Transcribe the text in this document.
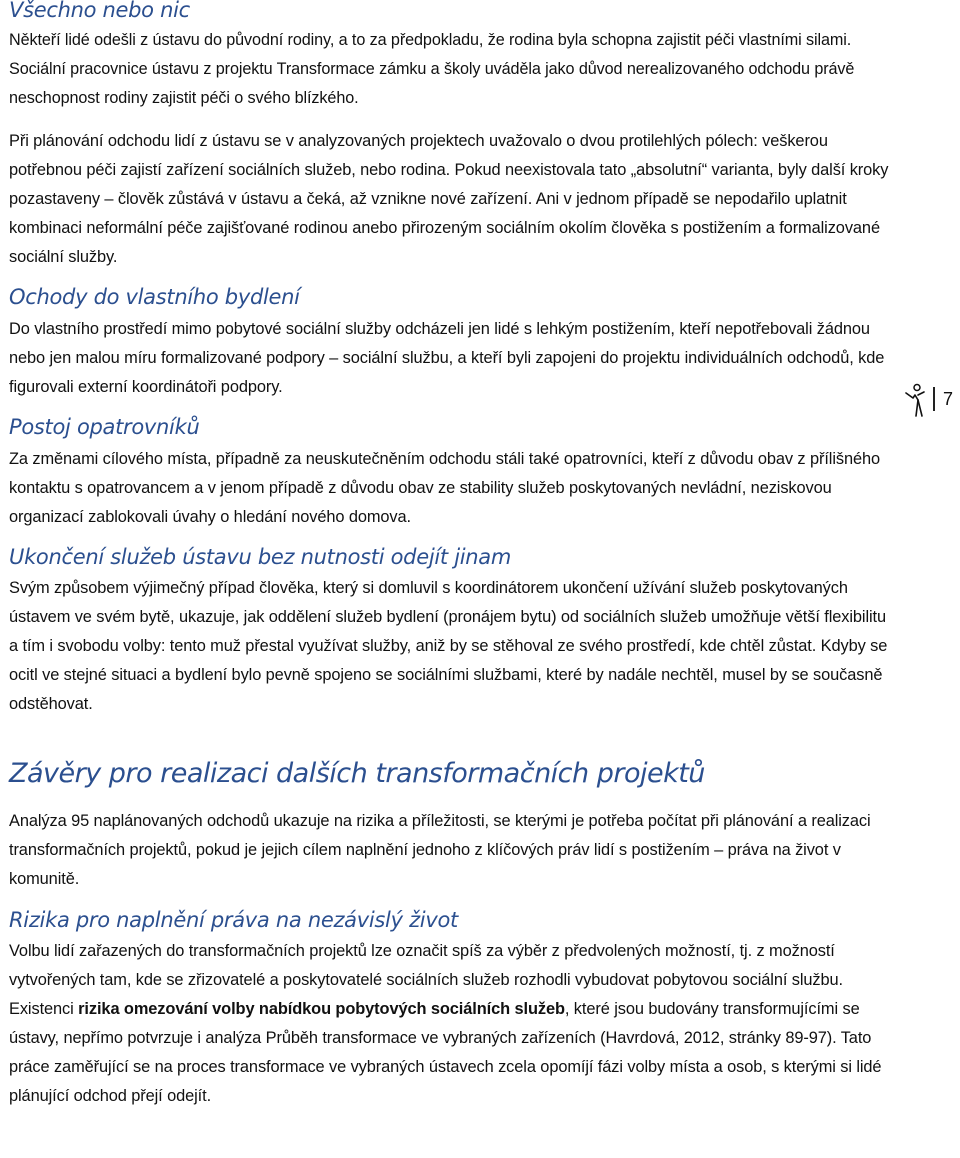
Všechno nebo nic

Někteří lidé odešli z ústavu do původní rodiny, a to za předpokladu, že rodina byla schopna zajistit péči vlastními silami. Sociální pracovnice ústavu z projektu Transformace zámku a školy uváděla jako důvod nerealizovaného odchodu právě neschopnost rodiny zajistit péči o svého blízkého.

Při plánování odchodu lidí z ústavu se v analyzovaných projektech uvažovalo o dvou protilehlých pólech: veškerou potřebnou péči zajistí zařízení sociálních služeb, nebo rodina. Pokud neexistovala tato „absolutní“ varianta, byly další kroky pozastaveny – člověk zůstává v ústavu a čeká, až vznikne nové zařízení. Ani v jednom případě se nepodařilo uplatnit kombinaci neformální péče zajišťované rodinou anebo přirozeným sociálním okolím člověka s postižením a formalizované sociální služby.

Ochody do vlastního bydlení

Do vlastního prostředí mimo pobytové sociální služby odcházeli jen lidé s lehkým postižením, kteří nepotřebovali žádnou nebo jen malou míru formalizované podpory – sociální službu, a kteří byli zapojeni do projektu individuálních odchodů, kde figurovali externí koordinátoři podpory.

Postoj opatrovníků

Za změnami cílového místa, případně za neuskutečněním odchodu stáli také opatrovníci, kteří z důvodu obav z přílišného kontaktu s opatrovancem a v jenom případě z důvodu obav ze stability služeb poskytovaných nevládní, neziskovou organizací zablokovali úvahy o hledání nového domova.

Ukončení služeb ústavu bez nutnosti odejít jinam

Svým způsobem výjimečný případ člověka, který si domluvil s koordinátorem ukončení užívání služeb poskytovaných ústavem ve svém bytě, ukazuje, jak oddělení služeb bydlení (pronájem bytu) od sociálních služeb umožňuje větší flexibilitu a tím i svobodu volby: tento muž přestal využívat služby, aniž by se stěhoval ze svého prostředí, kde chtěl zůstat. Kdyby se ocitl ve stejné situaci a bydlení bylo pevně spojeno se sociálními službami, které by nadále nechtěl, musel by se současně odstěhovat.

Závěry pro realizaci dalších transformačních projektů

Analýza 95 naplánovaných odchodů ukazuje na rizika a příležitosti, se kterými je potřeba počítat při plánování a realizaci transformačních projektů, pokud je jejich cílem naplnění jednoho z klíčových práv lidí s postižením – práva na život v komunitě.

Rizika pro naplnění práva na nezávislý život

Volbu lidí zařazených do transformačních projektů lze označit spíš za výběr z předvolených možností, tj. z možností vytvořených tam, kde se zřizovatelé a poskytovatelé sociálních služeb rozhodli vybudovat pobytovou sociální službu. Existenci rizika omezování volby nabídkou pobytových sociálních služeb, které jsou budovány transformujícími se ústavy, nepřímo potvrzuje i analýza Průběh transformace ve vybraných zařízeních (Havrdová, 2012, stránky 89-97). Tato práce zaměřující se na proces transformace ve vybraných ústavech zcela opomíjí fázi volby místa a osob, s kterými si lidé plánující odchod přejí odejít.

7
